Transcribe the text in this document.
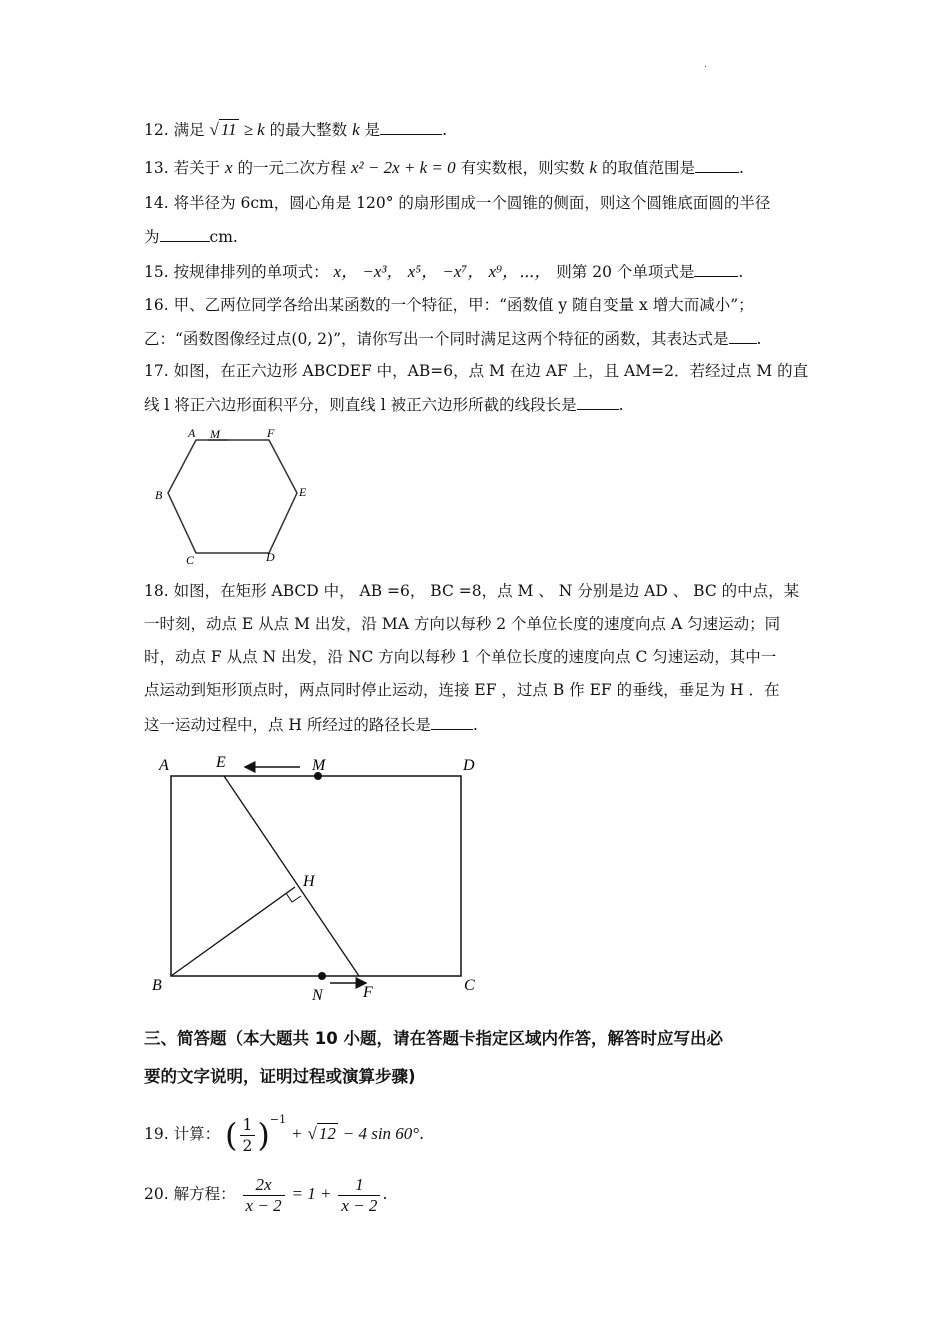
·
12. 满足 √ 11 ≥ k 的最大整数 k 是	.
13. 若关于 x 的一元二次方程 x² − 2x + k = 0 有实数根，则实数 k 的取值范围是	.
14. 将半径为 6cm，圆心角是 120° 的扇形围成一个圆锥的侧面，则这个圆锥底面圆的半径
为	cm.
15. 按规律排列的单项式： x， −x³， x⁵， −x⁷， x⁹，⋯， 则第 20 个单项式是	.
16. 甲、乙两位同学各给出某函数的一个特征，甲：“函数值 y 随自变量 x 增大而减小”；
乙：“函数图像经过点(0, 2)”，请你写出一个同时满足这两个特征的函数，其表达式是 .
17. 如图，在正六边形 ABCDEF 中，AB=6，点 M 在边 AF 上，且 AM=2．若经过点 M 的直
线 l 将正六边形面积平分，则直线 l 被正六边形所截的线段长是	.
A M	F
B	E
C	D
18. 如图，在矩形 ABCD 中， AB =6， BC =8，点 M 、 N 分别是边 AD 、 BC 的中点，某
一时刻，动点 E 从点 M 出发，沿 MA 方向以每秒 2 个单位长度的速度向点 A 匀速运动；同
时，动点 F 从点 N 出发，沿 NC 方向以每秒 1 个单位长度的速度向点 C 匀速运动，其中一
点运动到矩形顶点时，两点同时停止运动，连接 EF ，过点 B 作 EF 的垂线，垂足为 H ．在
这一运动过程中，点 H 所经过的路径长是	.
A	E	M	D
H
B
N	F	C
三、简答题（本大题共 10 小题，请在答题卡指定区域内作答，解答时应写出必
要的文字说明，证明过程或演算步骤)
19. 计算： ( $\frac{1}{2} )^{-1}$ + √ 12 − 4 sin 60°.
20. 解方程： $\frac{2x}{x - 2} = 1 + \frac{1}{x - 2}$ .
